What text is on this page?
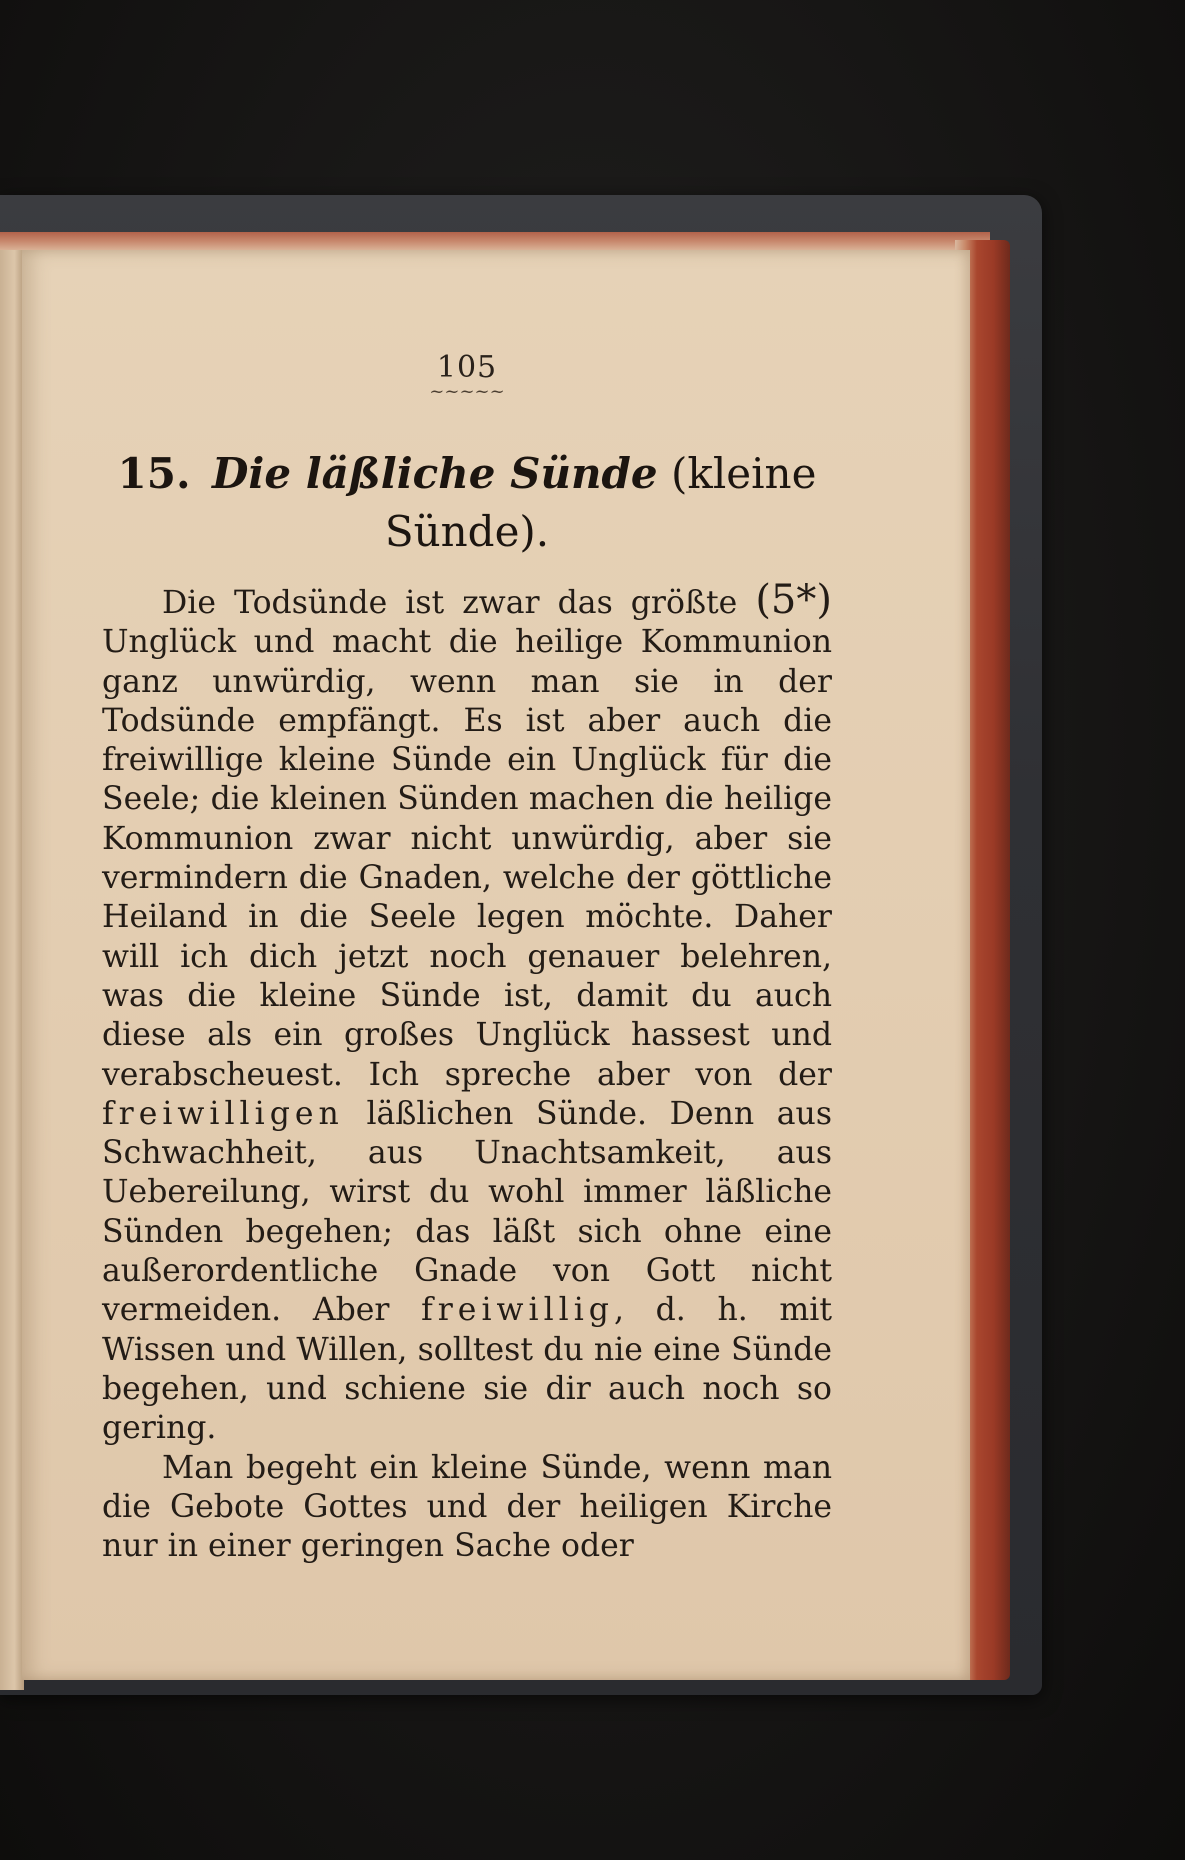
105
~~~~~
15. Die läßliche Sünde (kleine Sünde).

Die Todsünde ist zwar das größte (5*) Unglück und macht die heilige Kommunion ganz unwürdig, wenn man sie in der Todsünde empfängt. Es ist aber auch die freiwillige kleine Sünde ein Unglück für die Seele; die kleinen Sünden machen die heilige Kommunion zwar nicht unwürdig, aber sie vermindern die Gnaden, welche der göttliche Heiland in die Seele legen möchte. Daher will ich dich jetzt noch genauer belehren, was die kleine Sünde ist, damit du auch diese als ein großes Unglück hassest und verabscheuest. Ich spreche aber von der freiwilligen läßlichen Sünde. Denn aus Schwachheit, aus Unachtsamkeit, aus Uebereilung, wirst du wohl immer läßliche Sünden begehen; das läßt sich ohne eine außerordentliche Gnade von Gott nicht vermeiden. Aber freiwillig, d. h. mit Wissen und Willen, solltest du nie eine Sünde begehen, und schiene sie dir auch noch so gering.

Man begeht ein kleine Sünde, wenn man die Gebote Gottes und der heiligen Kirche nur in einer geringen Sache oder
